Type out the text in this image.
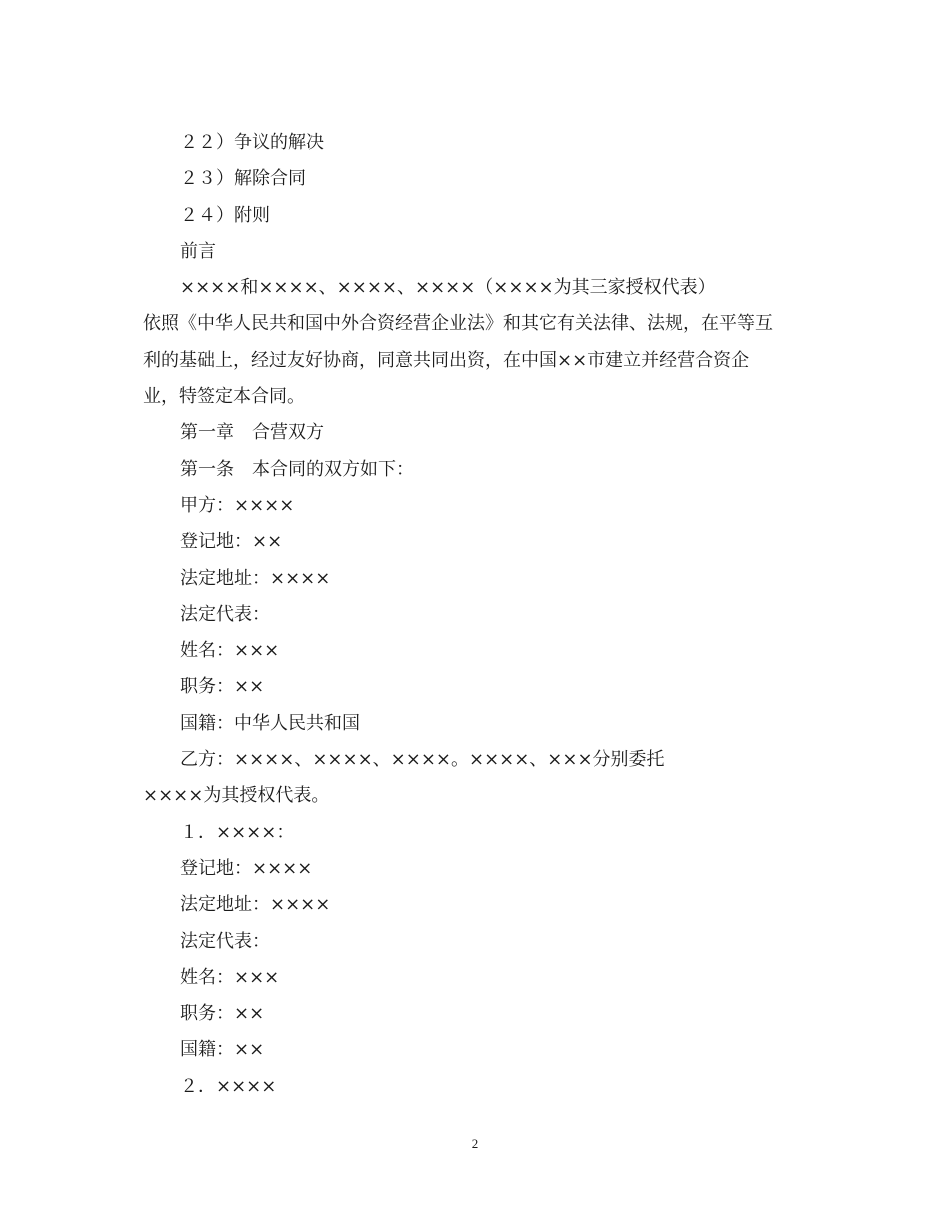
２２）争议的解决
２３）解除合同
２４）附则
前言
××××和××××、××××、××××（××××为其三家授权代表）
依照《中华人民共和国中外合资经营企业法》和其它有关法律、法规，在平等互
利的基础上，经过友好协商，同意共同出资，在中国××市建立并经营合资企
业，特签定本合同。
第一章　合营双方
第一条　本合同的双方如下：
甲方：××××
登记地：××
法定地址：××××
法定代表：
姓名：×××
职务：××
国籍：中华人民共和国
乙方：××××、××××、××××。××××、×××分别委托
××××为其授权代表。
１．××××：
登记地：××××
法定地址：××××
法定代表：
姓名：×××
职务：××
国籍：××
２．××××
2
